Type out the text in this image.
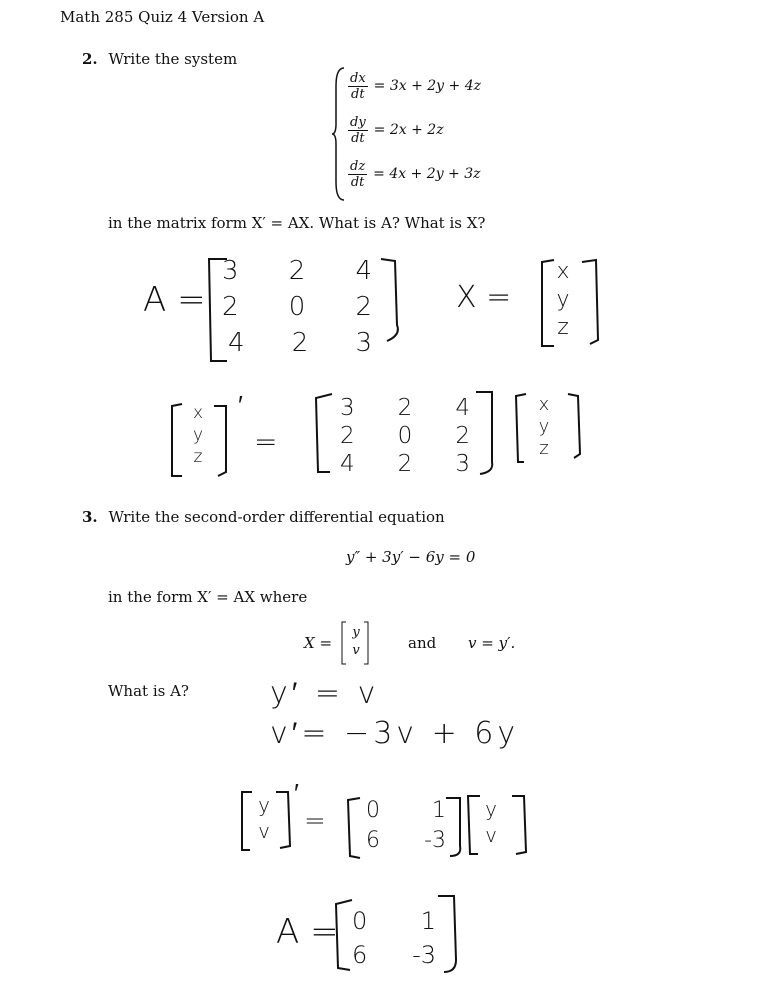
Math 285 Quiz 4 Version A
2. Write the system
$\frac{dx}{dt} = 3x + 2y + 4z$
$\frac{dy}{dt} = 2x + 2z$
$\frac{dz}{dt} = 4x + 2y + 3z$
in the matrix form X′ = AX. What is A? What is X?
A =
3 2 4
2 0 2
4 2 3
X =
x
y
z
x
y
z
′
=
3 2 4
2 0 2
4 2 3
x
y
z
3. Write the second-order differential equation
y″ + 3y′ − 6y = 0
in the form X′ = AX where
X =
y
v	and v = y′.
What is A?	y′ = v
v′= −3v + 6y
y
v
′
= 0 1
6 -3
y
v
A = 0 1
6 -3
